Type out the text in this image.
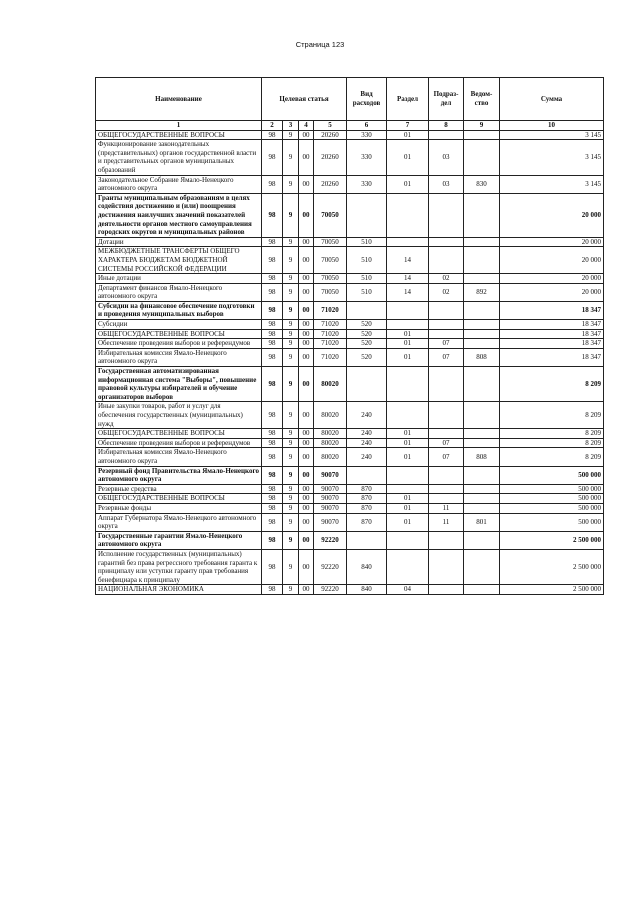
Страница 123
Наименование	Целевая статья				Вид расходов	Раздел	Подраз-дел	Ведом-ство	Сумма
1	2	3	4	5	6	7	8	9	10
ОБЩЕГОСУДАРСТВЕННЫЕ ВОПРОСЫ	98	9	00	20260	330	01			3 145
Функционирование законодательных (представительных) органов государственной власти и представительных органов муниципальных образований	98	9	00	20260	330	01	03		3 145
Законодательное Собрание Ямало-Ненецкого автономного округа	98	9	00	20260	330	01	03	830	3 145
Гранты муниципальным образованиям в целях содействия достижению и (или) поощрения достижения наилучших значений показателей деятельности органов местного самоуправления городских округов и муниципальных районов	98	9	00	70050					20 000
Дотации	98	9	00	70050	510				20 000
МЕЖБЮДЖЕТНЫЕ ТРАНСФЕРТЫ ОБЩЕГО ХАРАКТЕРА БЮДЖЕТАМ БЮДЖЕТНОЙ СИСТЕМЫ РОССИЙСКОЙ ФЕДЕРАЦИИ	98	9	00	70050	510	14			20 000
Иные дотации	98	9	00	70050	510	14	02		20 000
Департамент финансов Ямало-Ненецкого автономного округа	98	9	00	70050	510	14	02	892	20 000
Субсидии на финансовое обеспечение подготовки и проведения муниципальных выборов	98	9	00	71020					18 347
Субсидии	98	9	00	71020	520				18 347
ОБЩЕГОСУДАРСТВЕННЫЕ ВОПРОСЫ	98	9	00	71020	520	01			18 347
Обеспечение проведения выборов и референдумов	98	9	00	71020	520	01	07		18 347
Избирательная комиссия Ямало-Ненецкого автономного округа	98	9	00	71020	520	01	07	808	18 347
Государственная автоматизированная информационная система "Выборы", повышение правовой культуры избирателей и обучение организаторов выборов	98	9	00	80020					8 209
Иные закупки товаров, работ и услуг для обеспечения государственных (муниципальных) нужд	98	9	00	80020	240				8 209
ОБЩЕГОСУДАРСТВЕННЫЕ ВОПРОСЫ	98	9	00	80020	240	01			8 209
Обеспечение проведения выборов и референдумов	98	9	00	80020	240	01	07		8 209
Избирательная комиссия Ямало-Ненецкого автономного округа	98	9	00	80020	240	01	07	808	8 209
Резервный фонд Правительства Ямало-Ненецкого автономного округа	98	9	00	90070					500 000
Резервные средства	98	9	00	90070	870				500 000
ОБЩЕГОСУДАРСТВЕННЫЕ ВОПРОСЫ	98	9	00	90070	870	01			500 000
Резервные фонды	98	9	00	90070	870	01	11		500 000
Аппарат Губернатора Ямало-Ненецкого автономного округа	98	9	00	90070	870	01	11	801	500 000
Государственные гарантии Ямало-Ненецкого автономного округа	98	9	00	92220					2 500 000
Исполнение государственных (муниципальных) гарантий без права регрессного требования гаранта к принципалу или уступки гаранту прав требования бенефициара к принципалу	98	9	00	92220	840				2 500 000
НАЦИОНАЛЬНАЯ ЭКОНОМИКА	98	9	00	92220	840	04			2 500 000
